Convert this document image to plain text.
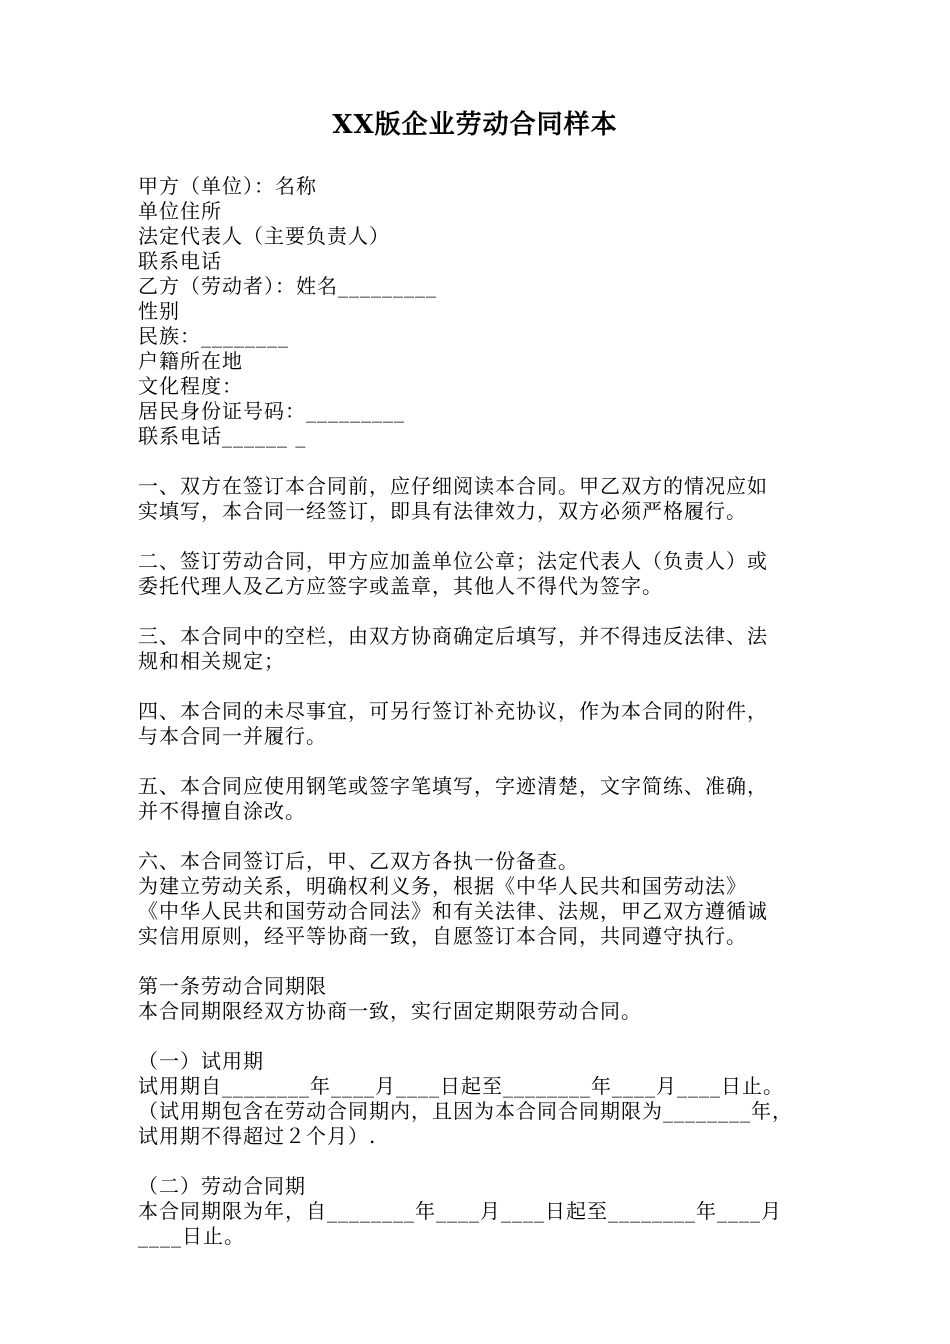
XX版企业劳动合同样本
甲方（单位）：名称
单位住所
法定代表人（主要负责人）
联系电话
乙方（劳动者）：姓名_________
性别
民族：________
户籍所在地
文化程度：
居民身份证号码：_________
联系电话______ _
一、双方在签订本合同前，应仔细阅读本合同。甲乙双方的情况应如
实填写，本合同一经签订，即具有法律效力，双方必须严格履行。
二、签订劳动合同，甲方应加盖单位公章；法定代表人（负责人）或
委托代理人及乙方应签字或盖章，其他人不得代为签字。
三、本合同中的空栏，由双方协商确定后填写，并不得违反法律、法
规和相关规定；
四、本合同的未尽事宜，可另行签订补充协议，作为本合同的附件，
与本合同一并履行。
五、本合同应使用钢笔或签字笔填写，字迹清楚，文字简练、准确，
并不得擅自涂改。
六、本合同签订后，甲、乙双方各执一份备查。
为建立劳动关系，明确权利义务，根据《中华人民共和国劳动法》
《中华人民共和国劳动合同法》和有关法律、法规，甲乙双方遵循诚
实信用原则，经平等协商一致，自愿签订本合同，共同遵守执行。
第一条劳动合同期限
本合同期限经双方协商一致，实行固定期限劳动合同。
（一）试用期
试用期自________年____月____日起至________年____月____日止。
（试用期包含在劳动合同期内，且因为本合同合同期限为________年，
试用期不得超过２个月）.
（二）劳动合同期
本合同期限为年，自________年____月____日起至________年____月
____日止。
